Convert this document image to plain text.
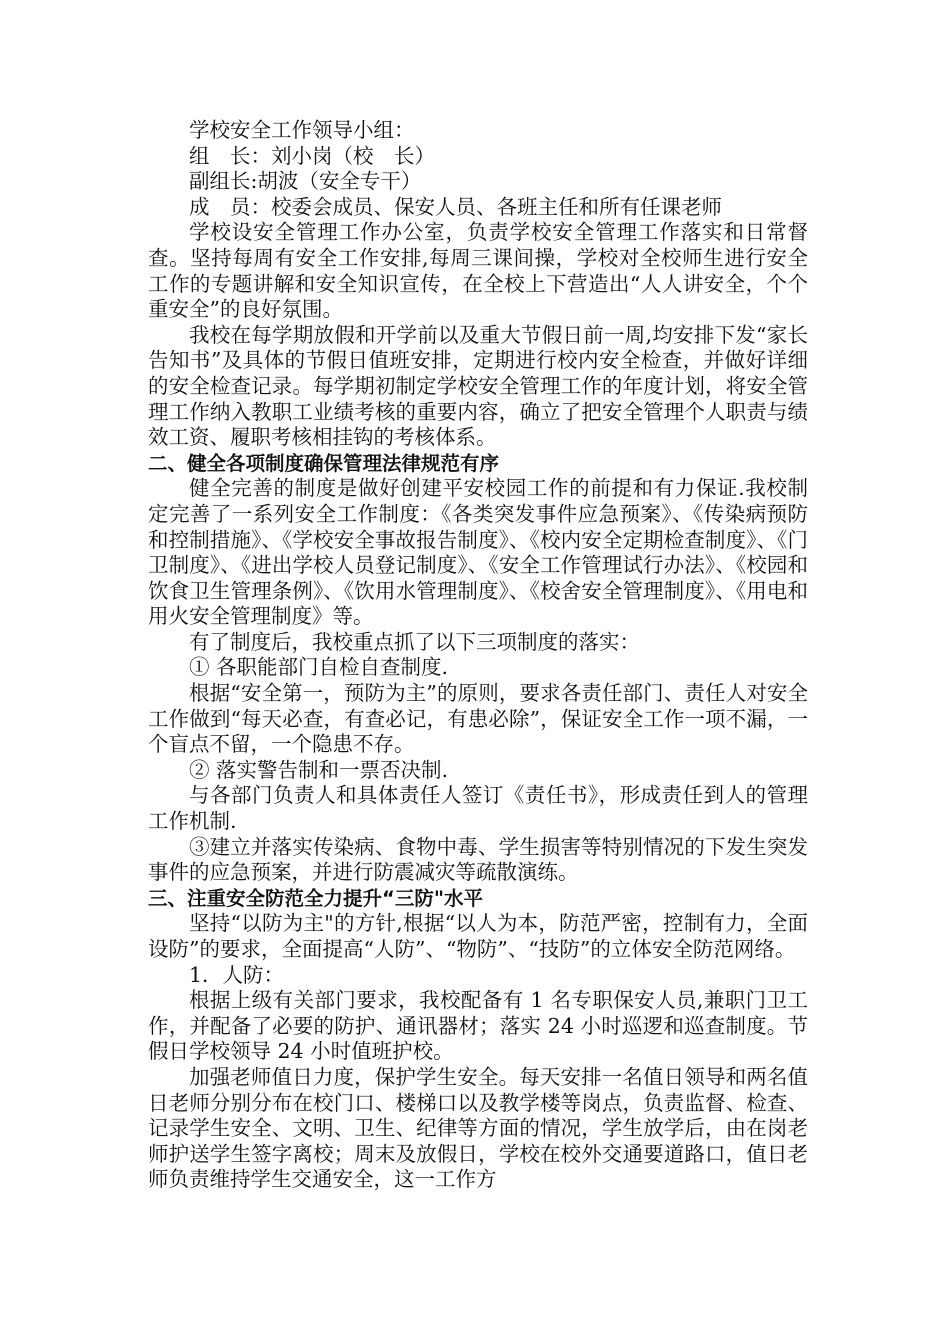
学校安全工作领导小组：

组　长：刘小岗（校　长）

副组长:胡波（安全专干）

成　员：校委会成员、保安人员、各班主任和所有任课老师

学校设安全管理工作办公室，负责学校安全管理工作落实和日常督查。坚持每周有安全工作安排,每周三课间操，学校对全校师生进行安全工作的专题讲解和安全知识宣传，在全校上下营造出“人人讲安全，个个重安全”的良好氛围。

我校在每学期放假和开学前以及重大节假日前一周,均安排下发“家长告知书”及具体的节假日值班安排，定期进行校内安全检查，并做好详细的安全检查记录。每学期初制定学校安全管理工作的年度计划，将安全管理工作纳入教职工业绩考核的重要内容，确立了把安全管理个人职责与绩效工资、履职考核相挂钩的考核体系。

二、健全各项制度确保管理法律规范有序

健全完善的制度是做好创建平安校园工作的前提和有力保证.我校制定完善了一系列安全工作制度：《各类突发事件应急预案》、《传染病预防和控制措施》、《学校安全事故报告制度》、《校内安全定期检查制度》、《门卫制度》、《进出学校人员登记制度》、《安全工作管理试行办法》、《校园和饮食卫生管理条例》、《饮用水管理制度》、《校舍安全管理制度》、《用电和用火安全管理制度》等。

有了制度后，我校重点抓了以下三项制度的落实：

① 各职能部门自检自查制度.

根据“安全第一，预防为主”的原则，要求各责任部门、责任人对安全工作做到“每天必查，有查必记，有患必除”，保证安全工作一项不漏，一个盲点不留，一个隐患不存。

② 落实警告制和一票否决制.

与各部门负责人和具体责任人签订《责任书》，形成责任到人的管理工作机制.

③建立并落实传染病、食物中毒、学生损害等特别情况的下发生突发事件的应急预案，并进行防震减灾等疏散演练。

三、注重安全防范全力提升“三防"水平

坚持“以防为主"的方针,根据“以人为本，防范严密，控制有力，全面设防”的要求，全面提高“人防”、“物防”、“技防”的立体安全防范网络。

1．人防：

根据上级有关部门要求，我校配备有 1 名专职保安人员,兼职门卫工作，并配备了必要的防护、通讯器材；落实 24 小时巡逻和巡查制度。节假日学校领导 24 小时值班护校。

加强老师值日力度，保护学生安全。每天安排一名值日领导和两名值日老师分别分布在校门口、楼梯口以及教学楼等岗点，负责监督、检查、记录学生安全、文明、卫生、纪律等方面的情况，学生放学后，由在岗老师护送学生签字离校；周末及放假日，学校在校外交通要道路口，值日老师负责维持学生交通安全，这一工作方
